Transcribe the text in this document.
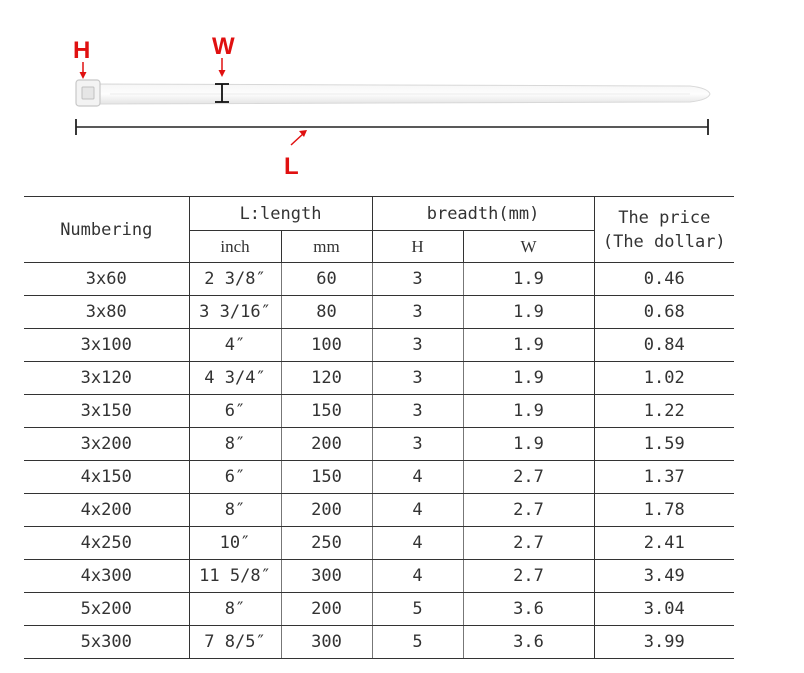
H	W
L
Numbering	L:length		breadth(mm)		The price
(The dollar)
	inch	mm	H	W	
3x60	2 3/8″	60	3	1.9	0.46
3x80	3 3/16″	80	3	1.9	0.68
3x100	4″	100	3	1.9	0.84
3x120	4 3/4″	120	3	1.9	1.02
3x150	6″	150	3	1.9	1.22
3x200	8″	200	3	1.9	1.59
4x150	6″	150	4	2.7	1.37
4x200	8″	200	4	2.7	1.78
4x250	10″	250	4	2.7	2.41
4x300	11 5/8″	300	4	2.7	3.49
5x200	8″	200	5	3.6	3.04
5x300	7 8/5″	300	5	3.6	3.99
